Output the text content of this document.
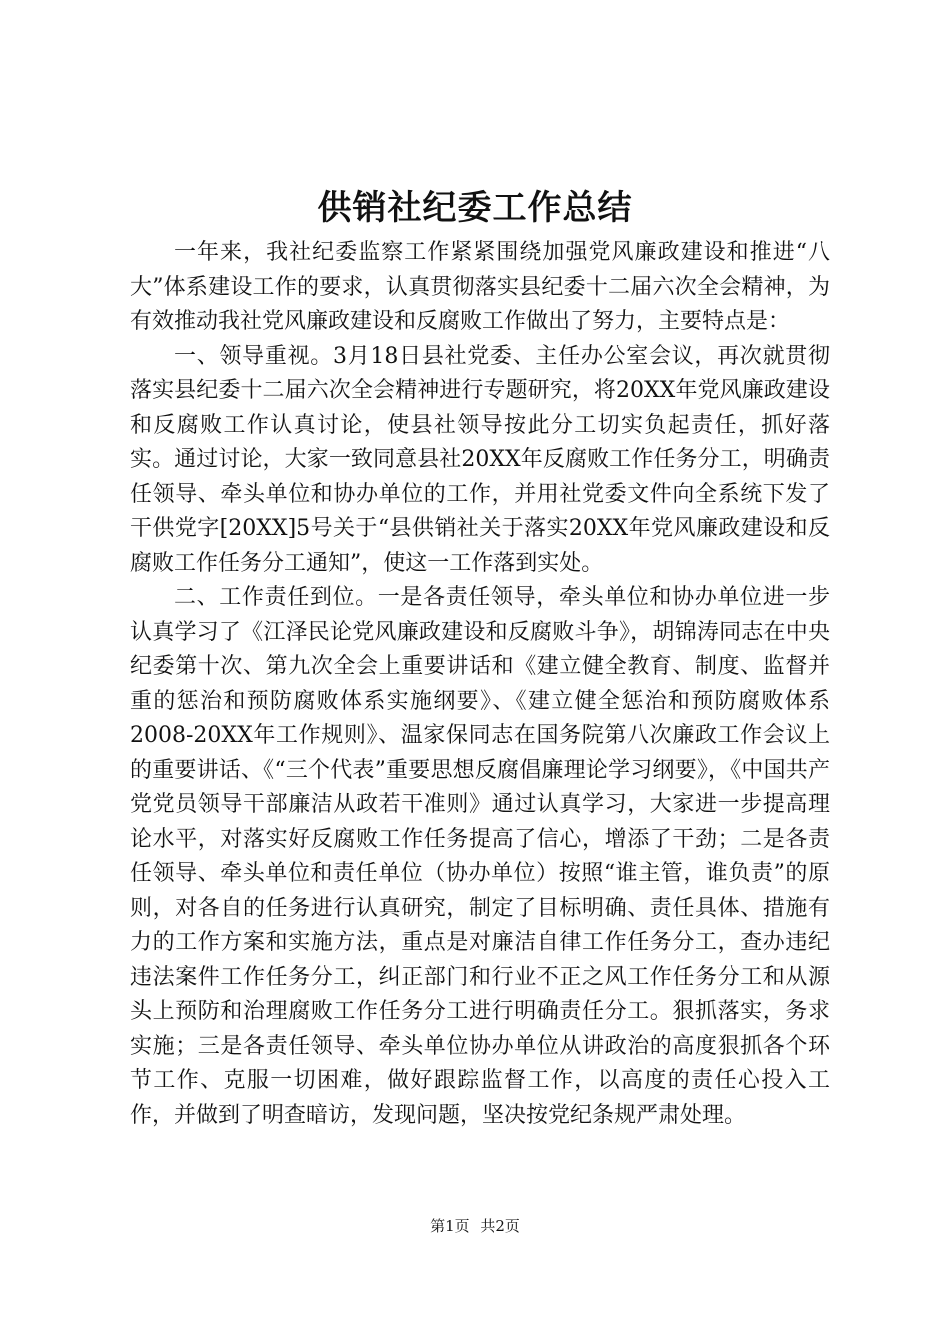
供销社纪委工作总结

一年来，我社纪委监察工作紧紧围绕加强党风廉政建设和推进“八大”体系建设工作的要求，认真贯彻落实县纪委十二届六次全会精神，为有效推动我社党风廉政建设和反腐败工作做出了努力，主要特点是：

一、领导重视。3月18日县社党委、主任办公室会议，再次就贯彻落实县纪委十二届六次全会精神进行专题研究，将20XX年党风廉政建设和反腐败工作认真讨论，使县社领导按此分工切实负起责任，抓好落实。通过讨论，大家一致同意县社20XX年反腐败工作任务分工，明确责任领导、牵头单位和协办单位的工作，并用社党委文件向全系统下发了干供党字[20XX]5号关于“县供销社关于落实20XX年党风廉政建设和反腐败工作任务分工通知”，使这一工作落到实处。

二、工作责任到位。一是各责任领导，牵头单位和协办单位进一步认真学习了《江泽民论党风廉政建设和反腐败斗争》，胡锦涛同志在中央纪委第十次、第九次全会上重要讲话和《建立健全教育、制度、监督并重的惩治和预防腐败体系实施纲要》、《建立健全惩治和预防腐败体系2008-20XX年工作规则》、温家保同志在国务院第八次廉政工作会议上的重要讲话、《“三个代表”重要思想反腐倡廉理论学习纲要》，《中国共产党党员领导干部廉洁从政若干准则》通过认真学习，大家进一步提高理论水平，对落实好反腐败工作任务提高了信心，增添了干劲；二是各责任领导、牵头单位和责任单位（协办单位）按照“谁主管，谁负责”的原则，对各自的任务进行认真研究，制定了目标明确、责任具体、措施有力的工作方案和实施方法，重点是对廉洁自律工作任务分工，查办违纪违法案件工作任务分工，纠正部门和行业不正之风工作任务分工和从源头上预防和治理腐败工作任务分工进行明确责任分工。狠抓落实，务求实施；三是各责任领导、牵头单位协办单位从讲政治的高度狠抓各个环节工作、克服一切困难，做好跟踪监督工作，以高度的责任心投入工作，并做到了明查暗访，发现问题，坚决按党纪条规严肃处理。

第1页 共2页
